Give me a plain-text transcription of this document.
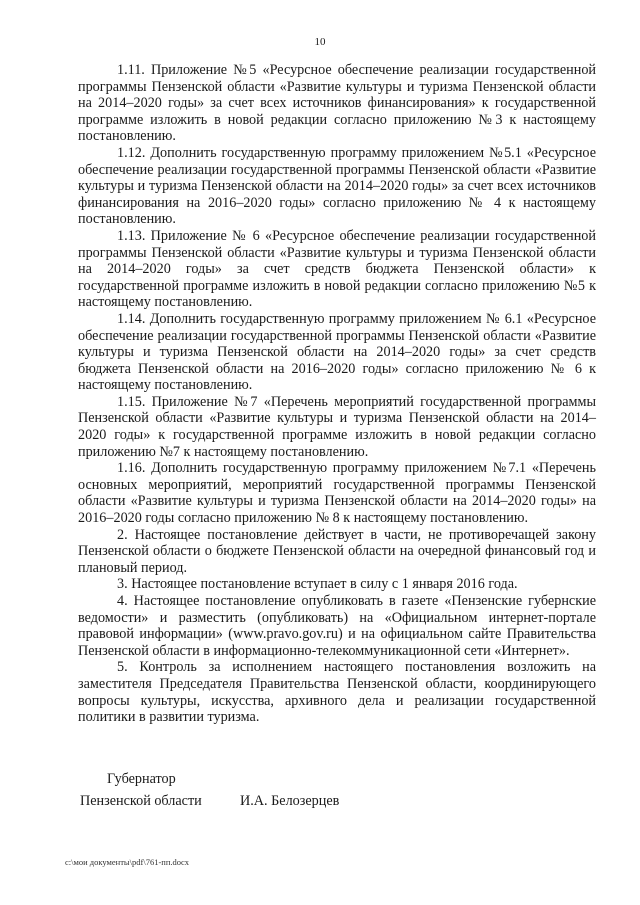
10

1.11. Приложение №5 «Ресурсное обеспечение реализации государственной программы Пензенской области «Развитие культуры и туризма Пензенской области на 2014–2020 годы» за счет всех источников финансирования» к государственной программе изложить в новой редакции согласно приложению №3 к настоящему постановлению.

1.12. Дополнить государственную программу приложением №5.1 «Ресурсное обеспечение реализации государственной программы Пензенской области «Развитие культуры и туризма Пензенской области на 2014–2020 годы» за счет всех источников финансирования на 2016–2020 годы» согласно приложению № 4 к настоящему постановлению.

1.13. Приложение № 6 «Ресурсное обеспечение реализации государственной программы Пензенской области «Развитие культуры и туризма Пензенской области на 2014–2020 годы» за счет средств бюджета Пензенской области» к государственной программе изложить в новой редакции согласно приложению №5 к настоящему постановлению.

1.14. Дополнить государственную программу приложением № 6.1 «Ресурсное обеспечение реализации государственной программы Пензенской области «Развитие культуры и туризма Пензенской области на 2014–2020 годы» за счет средств бюджета Пензенской области на 2016–2020 годы» согласно приложению № 6 к настоящему постановлению.

1.15. Приложение №7 «Перечень мероприятий государственной программы Пензенской области «Развитие культуры и туризма Пензенской области на 2014–2020 годы» к государственной программе изложить в новой редакции согласно приложению №7 к настоящему постановлению.

1.16. Дополнить государственную программу приложением №7.1 «Перечень основных мероприятий, мероприятий государственной программы Пензенской области «Развитие культуры и туризма Пензенской области на 2014–2020 годы» на 2016–2020 годы согласно приложению № 8 к настоящему постановлению.

2. Настоящее постановление действует в части, не противоречащей закону Пензенской области о бюджете Пензенской области на очередной финансовый год и плановый период.

3. Настоящее постановление вступает в силу с 1 января 2016 года.

4. Настоящее постановление опубликовать в газете «Пензенские губернские ведомости» и разместить (опубликовать) на «Официальном интернет-портале правовой информации» (www.pravo.gov.ru) и на официальном сайте Правительства Пензенской области в информационно-телекоммуникационной сети «Интернет».

5. Контроль за исполнением настоящего постановления возложить на заместителя Председателя Правительства Пензенской области, координирующего вопросы культуры, искусства, архивного дела и реализации государственной политики в развитии туризма.

Губернатор
Пензенской области	И.А. Белозерцев
c:\мои документы\pdf\761-пп.docx
